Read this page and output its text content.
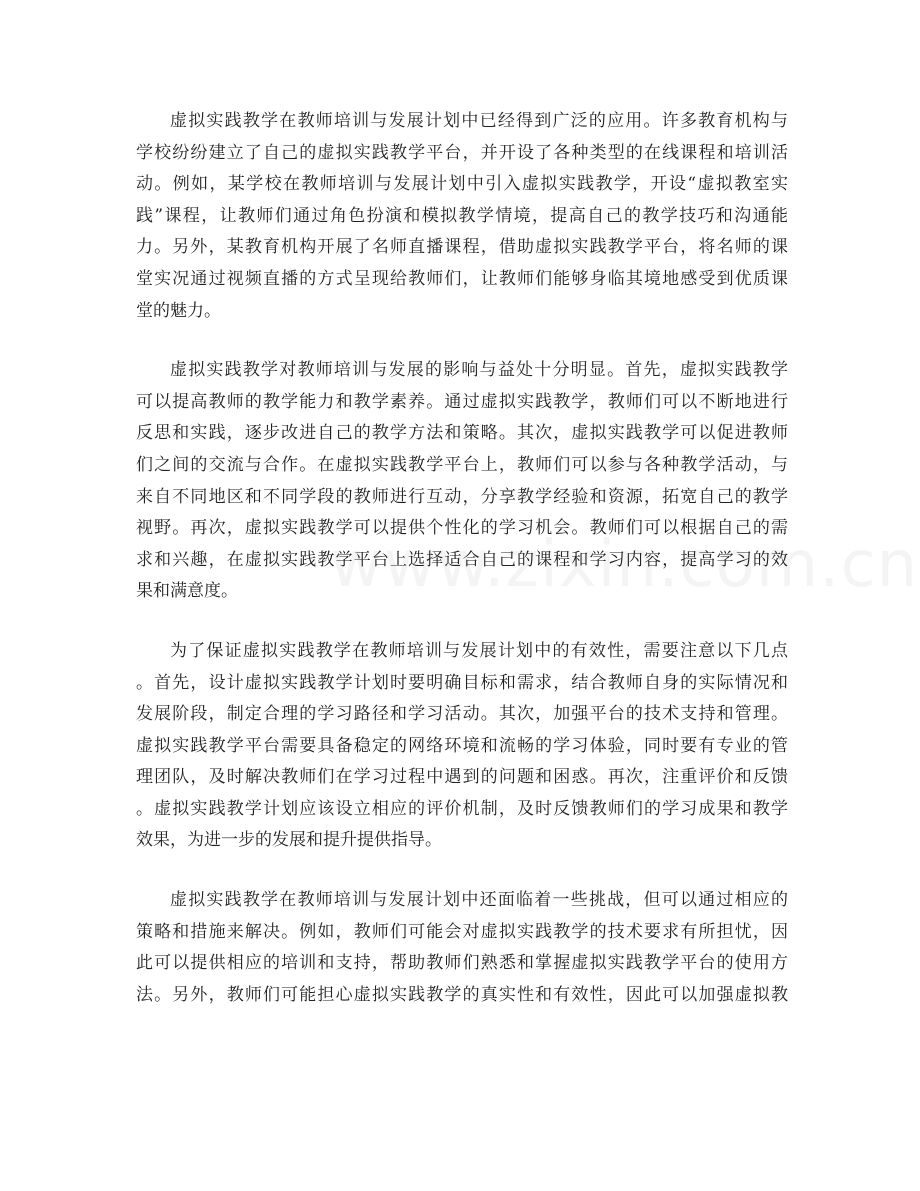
虚拟实践教学在教师培训与发展计划中已经得到广泛的应用。许多教育机构与
学校纷纷建立了自己的虚拟实践教学平台，并开设了各种类型的在线课程和培训活
动。例如，某学校在教师培训与发展计划中引入虚拟实践教学，开设“虚拟教室实
践”课程，让教师们通过角色扮演和模拟教学情境，提高自己的教学技巧和沟通能
力。另外，某教育机构开展了名师直播课程，借助虚拟实践教学平台，将名师的课
堂实况通过视频直播的方式呈现给教师们，让教师们能够身临其境地感受到优质课
堂的魅力。

虚拟实践教学对教师培训与发展的影响与益处十分明显。首先，虚拟实践教学
可以提高教师的教学能力和教学素养。通过虚拟实践教学，教师们可以不断地进行
反思和实践，逐步改进自己的教学方法和策略。其次，虚拟实践教学可以促进教师
们之间的交流与合作。在虚拟实践教学平台上，教师们可以参与各种教学活动，与
来自不同地区和不同学段的教师进行互动，分享教学经验和资源，拓宽自己的教学
视野。再次，虚拟实践教学可以提供个性化的学习机会。教师们可以根据自己的需
求和兴趣，在虚拟实践教学平台上选择适合自己的课程和学习内容，提高学习的效
果和满意度。

为了保证虚拟实践教学在教师培训与发展计划中的有效性，需要注意以下几点
。首先，设计虚拟实践教学计划时要明确目标和需求，结合教师自身的实际情况和
发展阶段，制定合理的学习路径和学习活动。其次，加强平台的技术支持和管理。
虚拟实践教学平台需要具备稳定的网络环境和流畅的学习体验，同时要有专业的管
理团队，及时解决教师们在学习过程中遇到的问题和困惑。再次，注重评价和反馈
。虚拟实践教学计划应该设立相应的评价机制，及时反馈教师们的学习成果和教学
效果，为进一步的发展和提升提供指导。

虚拟实践教学在教师培训与发展计划中还面临着一些挑战，但可以通过相应的
策略和措施来解决。例如，教师们可能会对虚拟实践教学的技术要求有所担忧，因
此可以提供相应的培训和支持，帮助教师们熟悉和掌握虚拟实践教学平台的使用方
法。另外，教师们可能担心虚拟实践教学的真实性和有效性，因此可以加强虚拟教
